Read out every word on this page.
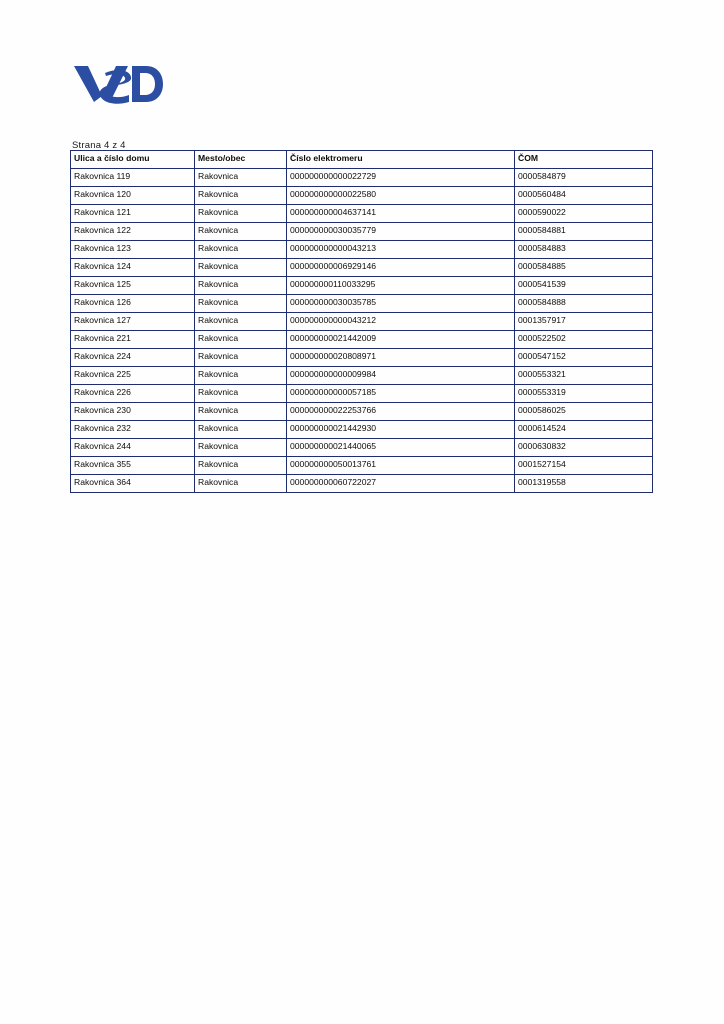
Strana 4 z 4
Ulica a číslo domu	Mesto/obec	Číslo elektromeru	ČOM
Rakovnica 119	Rakovnica	000000000000022729	0000584879
Rakovnica 120	Rakovnica	000000000000022580	0000560484
Rakovnica 121	Rakovnica	000000000004637141	0000590022
Rakovnica 122	Rakovnica	000000000030035779	0000584881
Rakovnica 123	Rakovnica	000000000000043213	0000584883
Rakovnica 124	Rakovnica	000000000006929146	0000584885
Rakovnica 125	Rakovnica	000000000110033295	0000541539
Rakovnica 126	Rakovnica	000000000030035785	0000584888
Rakovnica 127	Rakovnica	000000000000043212	0001357917
Rakovnica 221	Rakovnica	000000000021442009	0000522502
Rakovnica 224	Rakovnica	000000000020808971	0000547152
Rakovnica 225	Rakovnica	000000000000009984	0000553321
Rakovnica 226	Rakovnica	000000000000057185	0000553319
Rakovnica 230	Rakovnica	000000000022253766	0000586025
Rakovnica 232	Rakovnica	000000000021442930	0000614524
Rakovnica 244	Rakovnica	000000000021440065	0000630832
Rakovnica 355	Rakovnica	000000000050013761	0001527154
Rakovnica 364	Rakovnica	000000000060722027	0001319558
